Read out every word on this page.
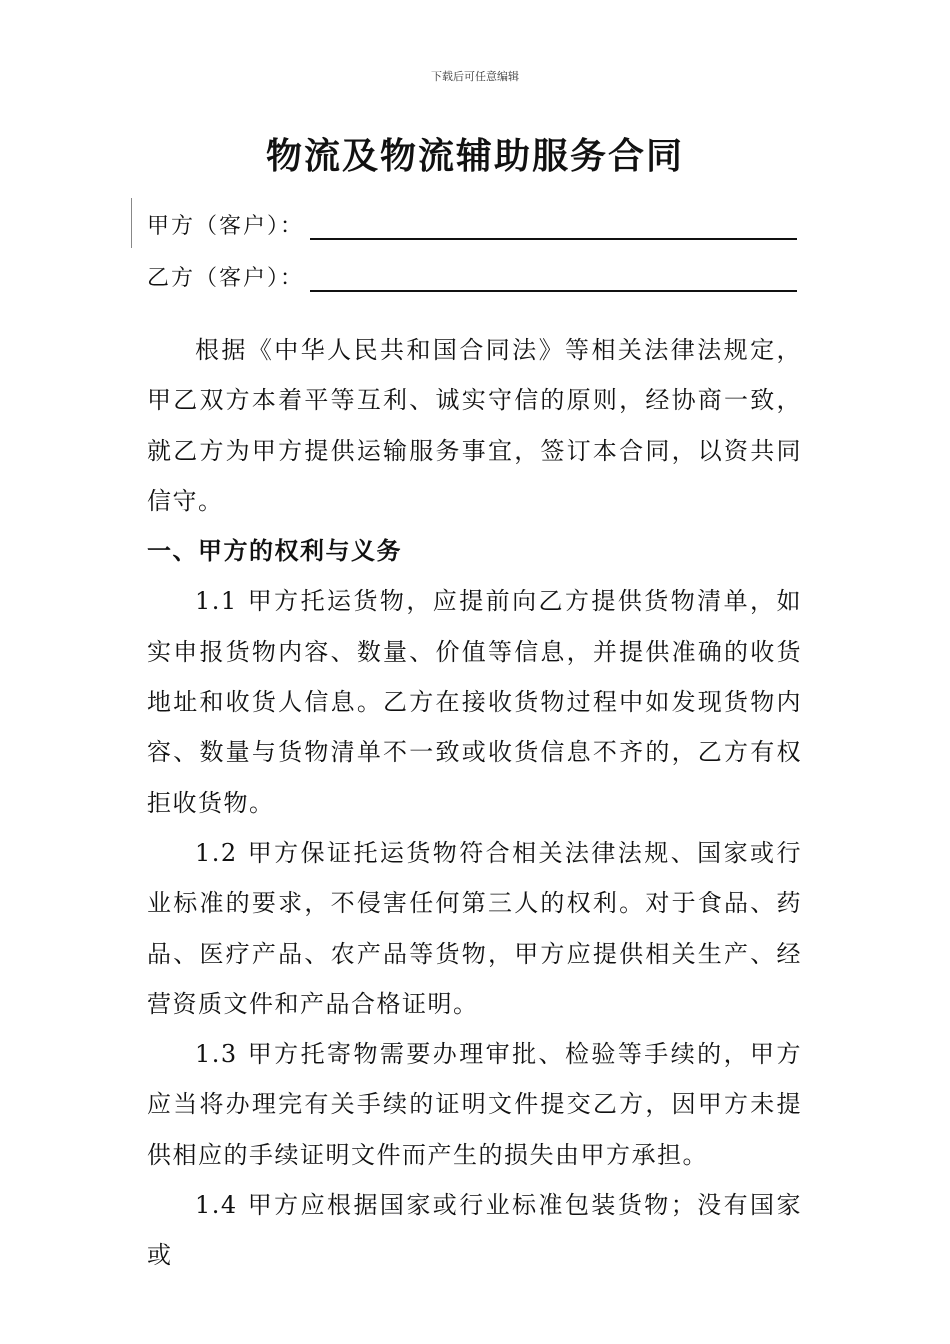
下载后可任意编辑
物流及物流辅助服务合同
甲方（客户）：
乙方（客户）：

根据《中华人民共和国合同法》等相关法律法规定，甲乙双方本着平等互利、诚实守信的原则，经协商一致，就乙方为甲方提供运输服务事宜，签订本合同，以资共同信守。

一、甲方的权利与义务

1.1 甲方托运货物，应提前向乙方提供货物清单，如实申报货物内容、数量、价值等信息，并提供准确的收货地址和收货人信息。乙方在接收货物过程中如发现货物内容、数量与货物清单不一致或收货信息不齐的，乙方有权拒收货物。

1.2 甲方保证托运货物符合相关法律法规、国家或行业标准的要求，不侵害任何第三人的权利。对于食品、药品、医疗产品、农产品等货物，甲方应提供相关生产、经营资质文件和产品合格证明。

1.3 甲方托寄物需要办理审批、检验等手续的，甲方应当将办理完有关手续的证明文件提交乙方，因甲方未提供相应的手续证明文件而产生的损失由甲方承担。

1.4 甲方应根据国家或行业标准包装货物；没有国家或
